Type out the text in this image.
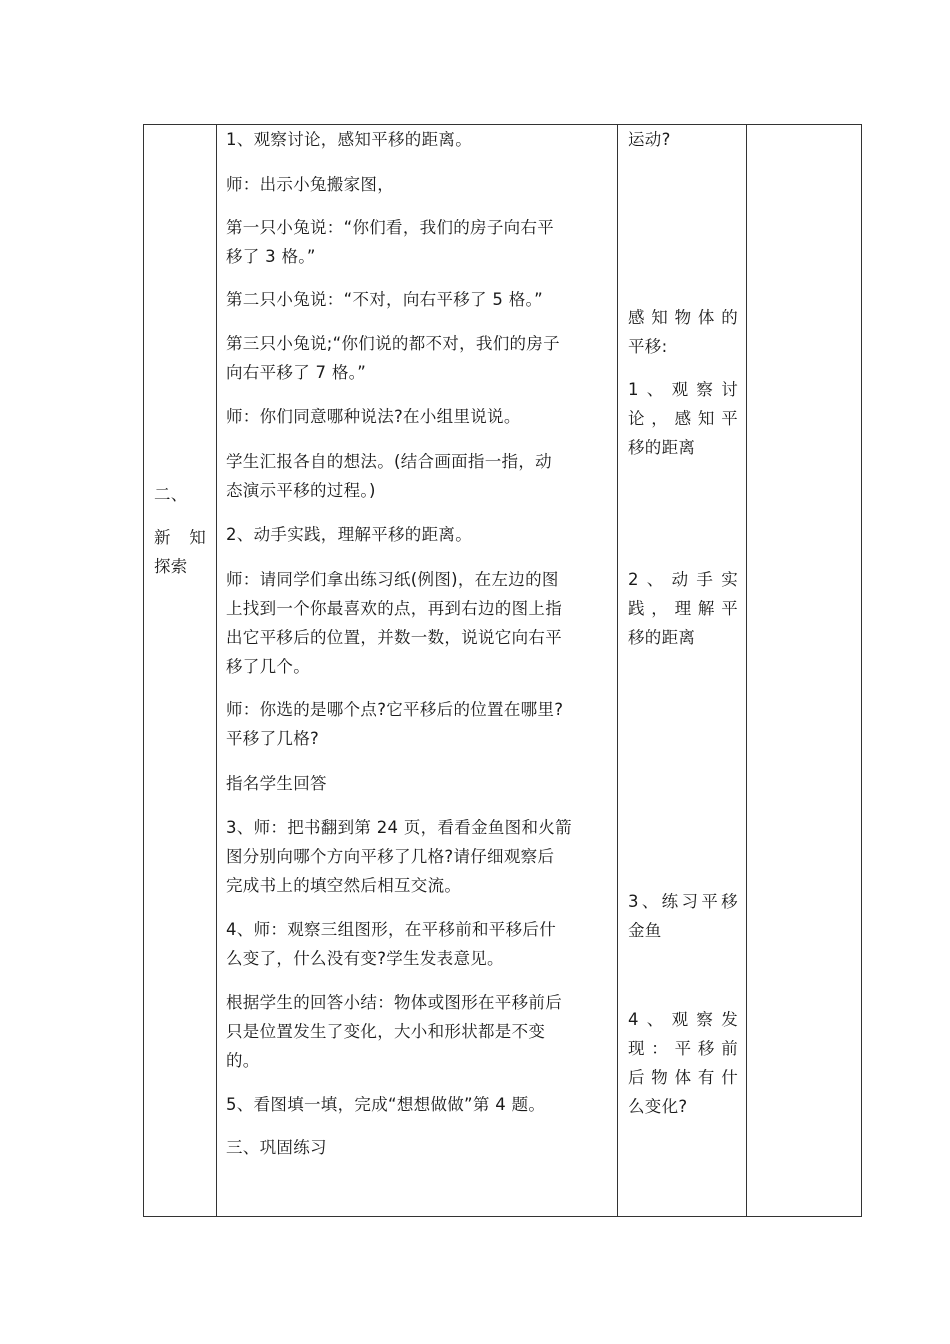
二、
新知
探索
1、观察讨论，感知平移的距离。
师：出示小兔搬家图，
第一只小兔说：“你们看，我们的房子向右平
移了 3 格。”
第二只小兔说：“不对，向右平移了 5 格。”
第三只小兔说;“你们说的都不对，我们的房子
向右平移了 7 格。”
师：你们同意哪种说法?在小组里说说。
学生汇报各自的想法。(结合画面指一指，动
态演示平移的过程。)
2、动手实践，理解平移的距离。
师：请同学们拿出练习纸(例图)，在左边的图
上找到一个你最喜欢的点，再到右边的图上指
出它平移后的位置，并数一数，说说它向右平
移了几个。
师：你选的是哪个点?它平移后的位置在哪里?
平移了几格?
指名学生回答
3、师：把书翻到第 24 页，看看金鱼图和火箭
图分别向哪个方向平移了几格?请仔细观察后
完成书上的填空然后相互交流。
4、师：观察三组图形，在平移前和平移后什
么变了，什么没有变?学生发表意见。
根据学生的回答小结：物体或图形在平移前后
只是位置发生了变化，大小和形状都是不变
的。
5、看图填一填，完成“想想做做”第 4 题。
三、巩固练习
运动?
感知物体的
平移:
1、观察讨
论，感知平
移的距离
2、动手实
践，理解平
移的距离
3、练习平移
金鱼
4、观察发
现：平移前
后物体有什
么变化?
